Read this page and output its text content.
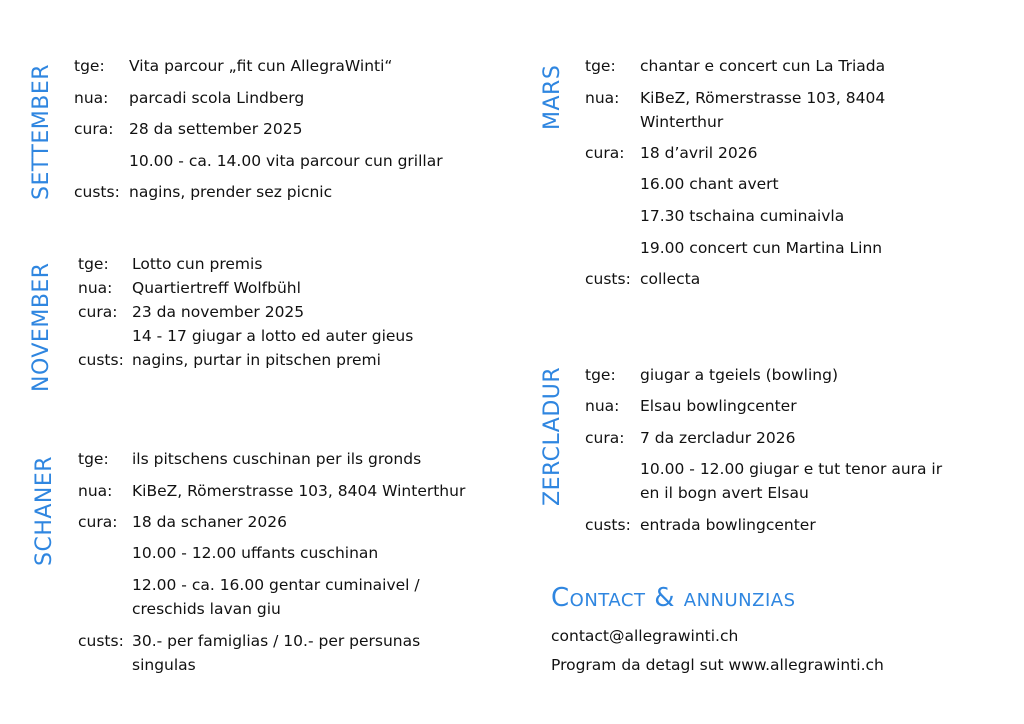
SETTEMBER tge: Vita parcour „fit cun AllegraWinti“
nua: parcadi scola Lindberg
cura: 28 da settember 2025
10.00 - ca. 14.00 vita parcour cun grillar
custs: nagins, prender sez picnic
NOVEMBER tge: Lotto cun premis
nua: Quartiertreff Wolfbühl
cura: 23 da november 2025
14 - 17 giugar a lotto ed auter gieus
custs: nagins, purtar in pitschen premi
SCHANER tge: ils pitschens cuschinan per ils gronds
nua: KiBeZ, Römerstrasse 103, 8404 Winterthur
cura: 18 da schaner 2026
10.00 - 12.00 uffants cuschinan
12.00 - ca. 16.00 gentar cuminaivel /
creschids lavan giu
custs: 30.- per famiglias / 10.- per persunas
singulas
MARS tge: chantar e concert cun La Triada
nua: KiBeZ, Römerstrasse 103, 8404
Winterthur
cura: 18 d’avril 2026
16.00 chant avert
17.30 tschaina cuminaivla
19.00 concert cun Martina Linn
custs: collecta
ZERCLADUR tge: giugar a tgeiels (bowling)
nua: Elsau bowlingcenter
cura: 7 da zercladur 2026
10.00 - 12.00 giugar e tut tenor aura ir
en il bogn avert Elsau
custs: entrada bowlingcenter
Contact & annunzias
contact@allegrawinti.ch
Program da detagl sut www.allegrawinti.ch
